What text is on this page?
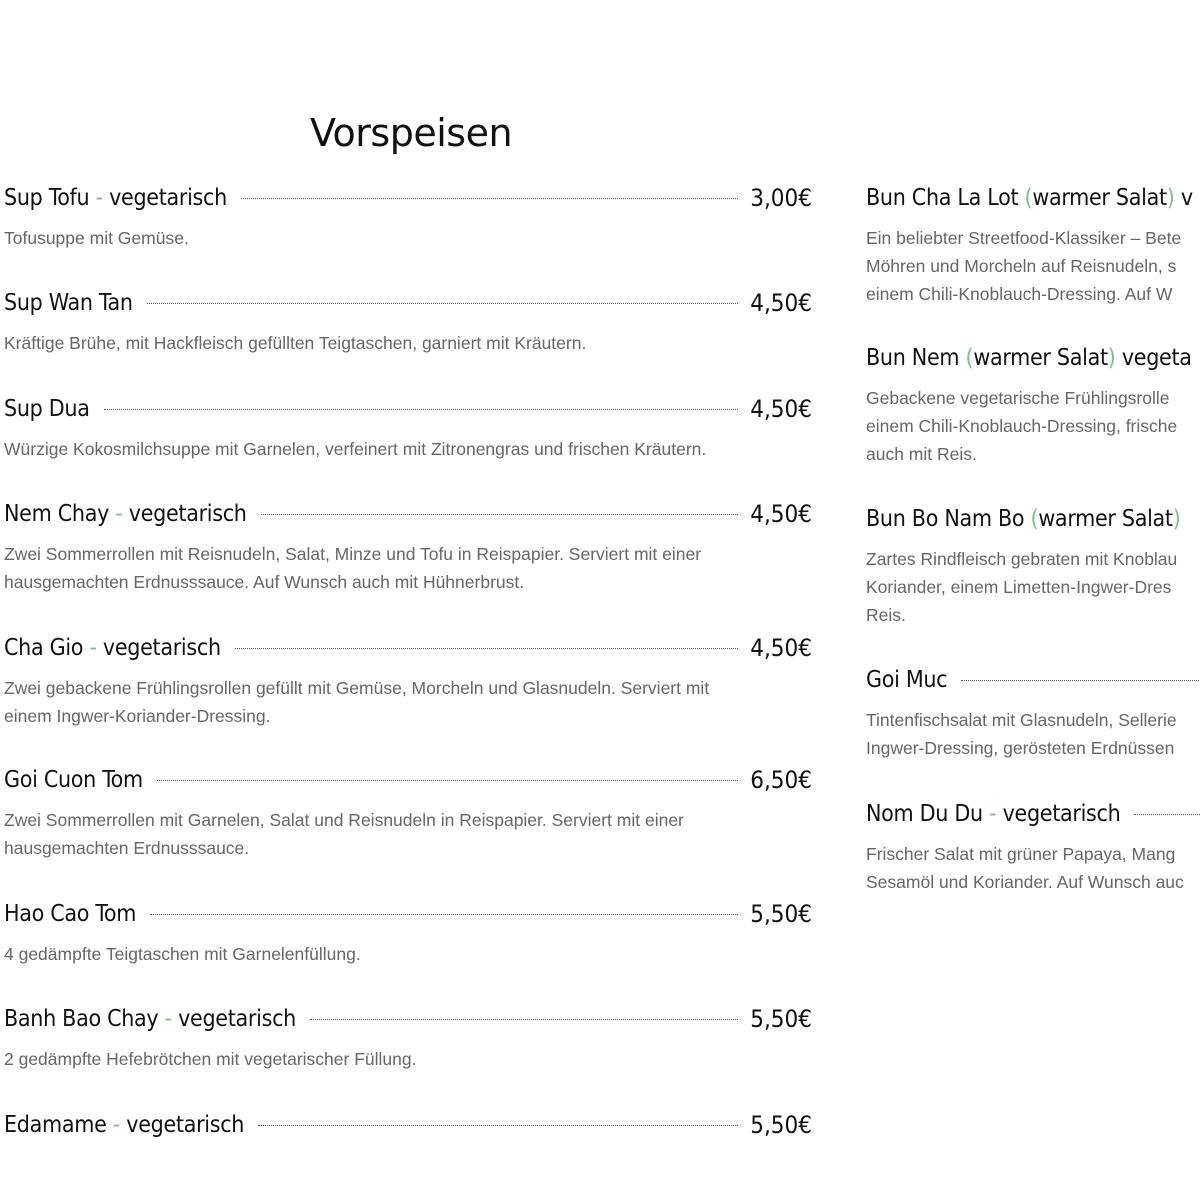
Vorspeisen
Sup Tofu - vegetarisch	3,00€

Tofusuppe mit Gemüse.

Sup Wan Tan	4,50€

Kräftige Brühe, mit Hackfleisch gefüllten Teigtaschen, garniert mit Kräutern.

Sup Dua	4,50€

Würzige Kokosmilchsuppe mit Garnelen, verfeinert mit Zitronengras und frischen Kräutern.

Nem Chay - vegetarisch	4,50€

Zwei Sommerrollen mit Reisnudeln, Salat, Minze und Tofu in Reispapier. Serviert mit einer
hausgemachten Erdnusssauce. Auf Wunsch auch mit Hühnerbrust.

Cha Gio - vegetarisch	4,50€

Zwei gebackene Frühlingsrollen gefüllt mit Gemüse, Morcheln und Glasnudeln. Serviert mit
einem Ingwer-Koriander-Dressing.

Goi Cuon Tom	6,50€

Zwei Sommerrollen mit Garnelen, Salat und Reisnudeln in Reispapier. Serviert mit einer
hausgemachten Erdnusssauce.

Hao Cao Tom	5,50€

4 gedämpfte Teigtaschen mit Garnelenfüllung.

Banh Bao Chay - vegetarisch	5,50€

2 gedämpfte Hefebrötchen mit vegetarischer Füllung.

Edamame - vegetarisch	5,50€
Bun Cha La Lot (warmer Salat) v

Ein beliebter Streetfood-Klassiker – Bete
Möhren und Morcheln auf Reisnudeln, s
einem Chili-Knoblauch-Dressing. Auf W

Bun Nem (warmer Salat) vegeta

Gebackene vegetarische Frühlingsrolle
einem Chili-Knoblauch-Dressing, frische
auch mit Reis.

Bun Bo Nam Bo (warmer Salat)

Zartes Rindfleisch gebraten mit Knoblau
Koriander, einem Limetten-Ingwer-Dres
Reis.

Goi Muc

Tintenfischsalat mit Glasnudeln, Sellerie
Ingwer-Dressing, gerösteten Erdnüssen

Nom Du Du - vegetarisch

Frischer Salat mit grüner Papaya, Mang
Sesamöl und Koriander. Auf Wunsch auc
